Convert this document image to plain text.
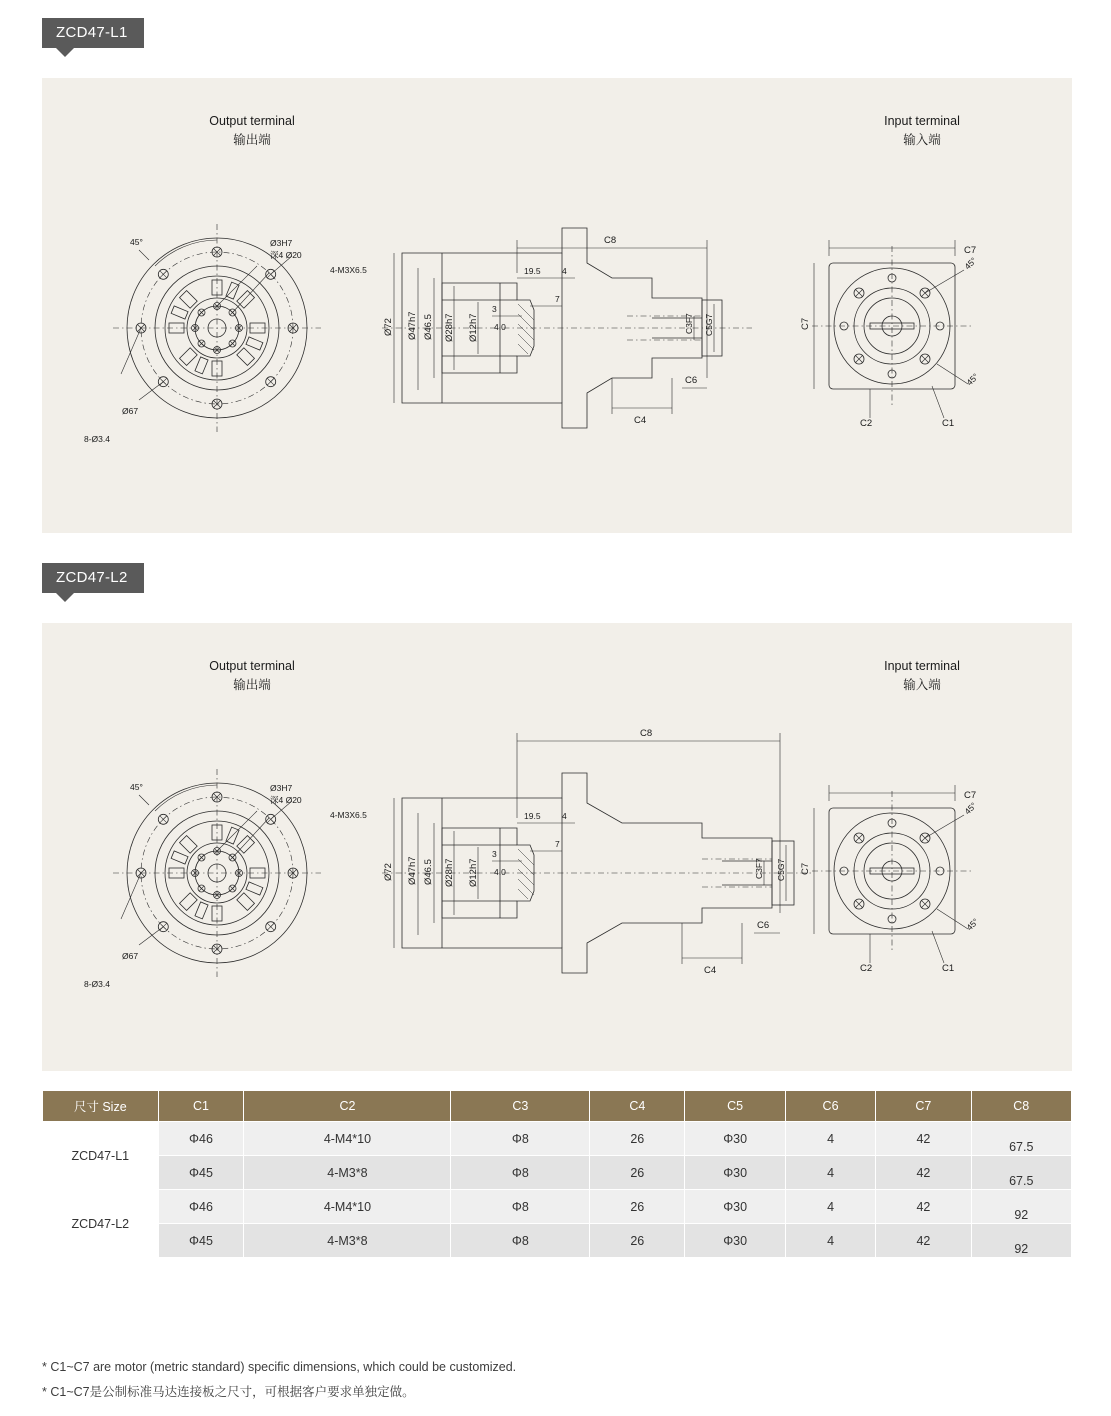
ZCD47-L1
Output terminal
输出端
Input terminal
输入端
45°	Ø3H7
深4 Ø20
4-M3X6.5
Ø67
8-Ø3.4
C8
19.5	4
3
7
Ø72 Ø47h7 Ø46.5 Ø28h7 Ø12h7 4.0	C3F7 C5G7
C6
C4
C7
C7
45°
45°
C2	C1
ZCD47-L2
Output terminal
输出端
Input terminal
输入端
45°	Ø3H7
深4 Ø20
4-M3X6.5
Ø67
8-Ø3.4
C8
19.5	4
3
7
Ø72 Ø47h7 Ø46.5 Ø28h7 Ø12h7 4.0	C3F7 C5G7
C6
C4
C7
C7
45°
45°
C2	C1
尺寸 Size	C1	C2	C3	C4	C5	C6	C7	C8
ZCD47-L1	Φ46	4-M4*10	Φ8	26	Φ30	4	42	67.5
	Φ45	4-M3*8	Φ8	26	Φ30	4	42	67.5
ZCD47-L2	Φ46	4-M4*10	Φ8	26	Φ30	4	42	92
	Φ45	4-M3*8	Φ8	26	Φ30	4	42	92
* C1~C7 are motor (metric standard) specific dimensions, which could be customized.
* C1~C7是公制标准马达连接板之尺寸，可根据客户要求单独定做。
